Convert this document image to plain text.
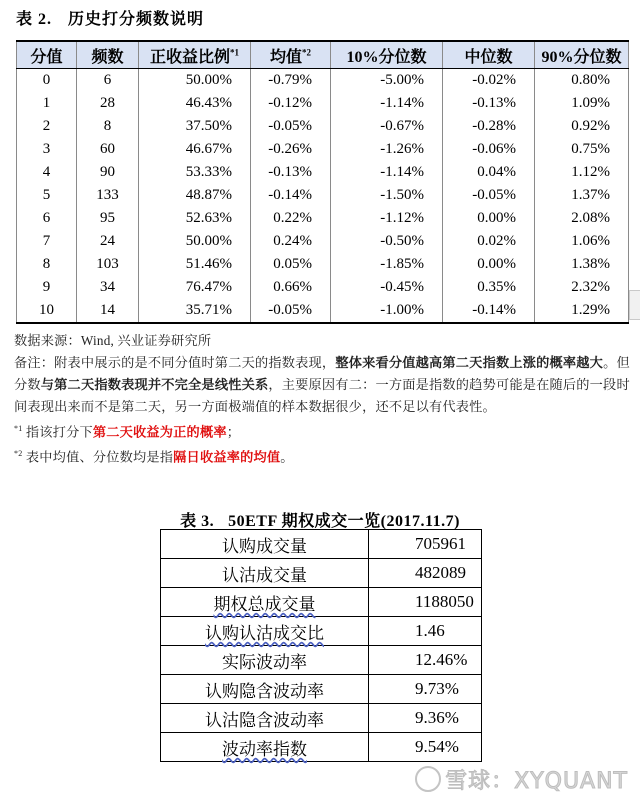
表 2. 历史打分频数说明
分值	频数	正收益比例$^{*1}$	均值$^{*2}$	10%分位数	中位数	90%分位数
0	6	50.00%	-0.79%	-5.00%	-0.02%	0.80%
1	28	46.43%	-0.12%	-1.14%	-0.13%	1.09%
2	8	37.50%	-0.05%	-0.67%	-0.28%	0.92%
3	60	46.67%	-0.26%	-1.26%	-0.06%	0.75%
4	90	53.33%	-0.13%	-1.14%	0.04%	1.12%
5	133	48.87%	-0.14%	-1.50%	-0.05%	1.37%
6	95	52.63%	0.22%	-1.12%	0.00%	2.08%
7	24	50.00%	0.24%	-0.50%	0.02%	1.06%
8	103	51.46%	0.05%	-1.85%	0.00%	1.38%
9	34	76.47%	0.66%	-0.45%	0.35%	2.32%
10	14	35.71%	-0.05%	-1.00%	-0.14%	1.29%

数据来源：Wind, 兴业证券研究所

备注：附表中展示的是不同分值时第二天的指数表现，整体来看分值越高第二天指数上涨的概率越大。但分数与第二天指数表现并不完全是线性关系，主要原因有二：一方面是指数的趋势可能是在随后的一段时间表现出来而不是第二天，另一方面极端值的样本数据很少，还不足以有代表性。

$^{*1}$ 指该打分下第二天收益为正的概率；

$^{*2}$ 表中均值、分位数均是指隔日收益率的均值。

表 3. 50ETF 期权成交一览(2017.11.7)
认购成交量	705961
认沽成交量	482089
期权总成交量	1188050
认购认沽成交比	1.46
实际波动率	12.46%
认购隐含波动率	9.73%
认沽隐含波动率	9.36%
波动率指数	9.54%
雪球：XYQUANT
